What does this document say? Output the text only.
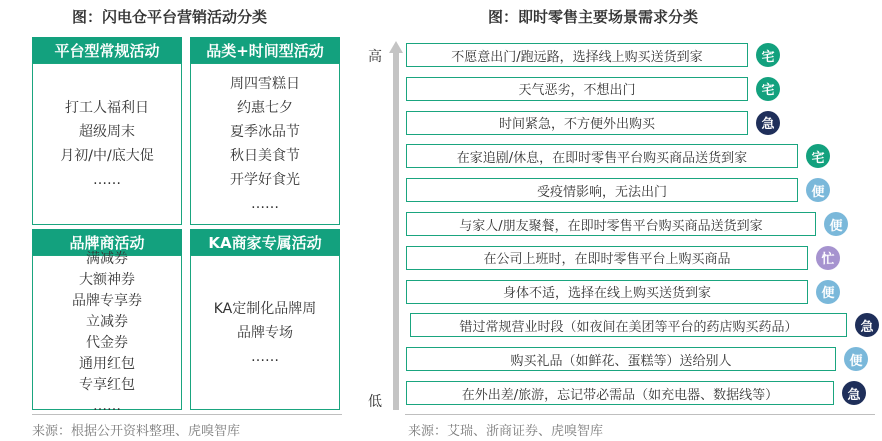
图：闪电仓平台营销活动分类
平台型常规活动
打工人福利日
超级周末
月初/中/底大促
……
品类+时间型活动
周四雪糕日
约惠七夕
夏季冰品节
秋日美食节
开学好食光
……
品牌商活动
满减券
大额神券
品牌专享券
立减券
代金券
通用红包
专享红包
……
KA商家专属活动
KA定制化品牌周
品牌专场
……
来源：根据公开资料整理、虎嗅智库
图：即时零售主要场景需求分类
高
低
不愿意出门/跑远路，选择线上购买送货到家	宅
天气恶劣，不想出门	宅
时间紧急，不方便外出购买	急
在家追剧/休息，在即时零售平台购买商品送货到家	宅
受疫情影响，无法出门	便
与家人/朋友聚餐，在即时零售平台购买商品送货到家	便
在公司上班时，在即时零售平台上购买商品	忙
身体不适，选择在线上购买送货到家	便
错过常规营业时段（如夜间在美团等平台的药店购买药品）	急
购买礼品（如鲜花、蛋糕等）送给别人	便
在外出差/旅游，忘记带必需品（如充电器、数据线等）	急
来源：艾瑞、浙商证券、虎嗅智库
